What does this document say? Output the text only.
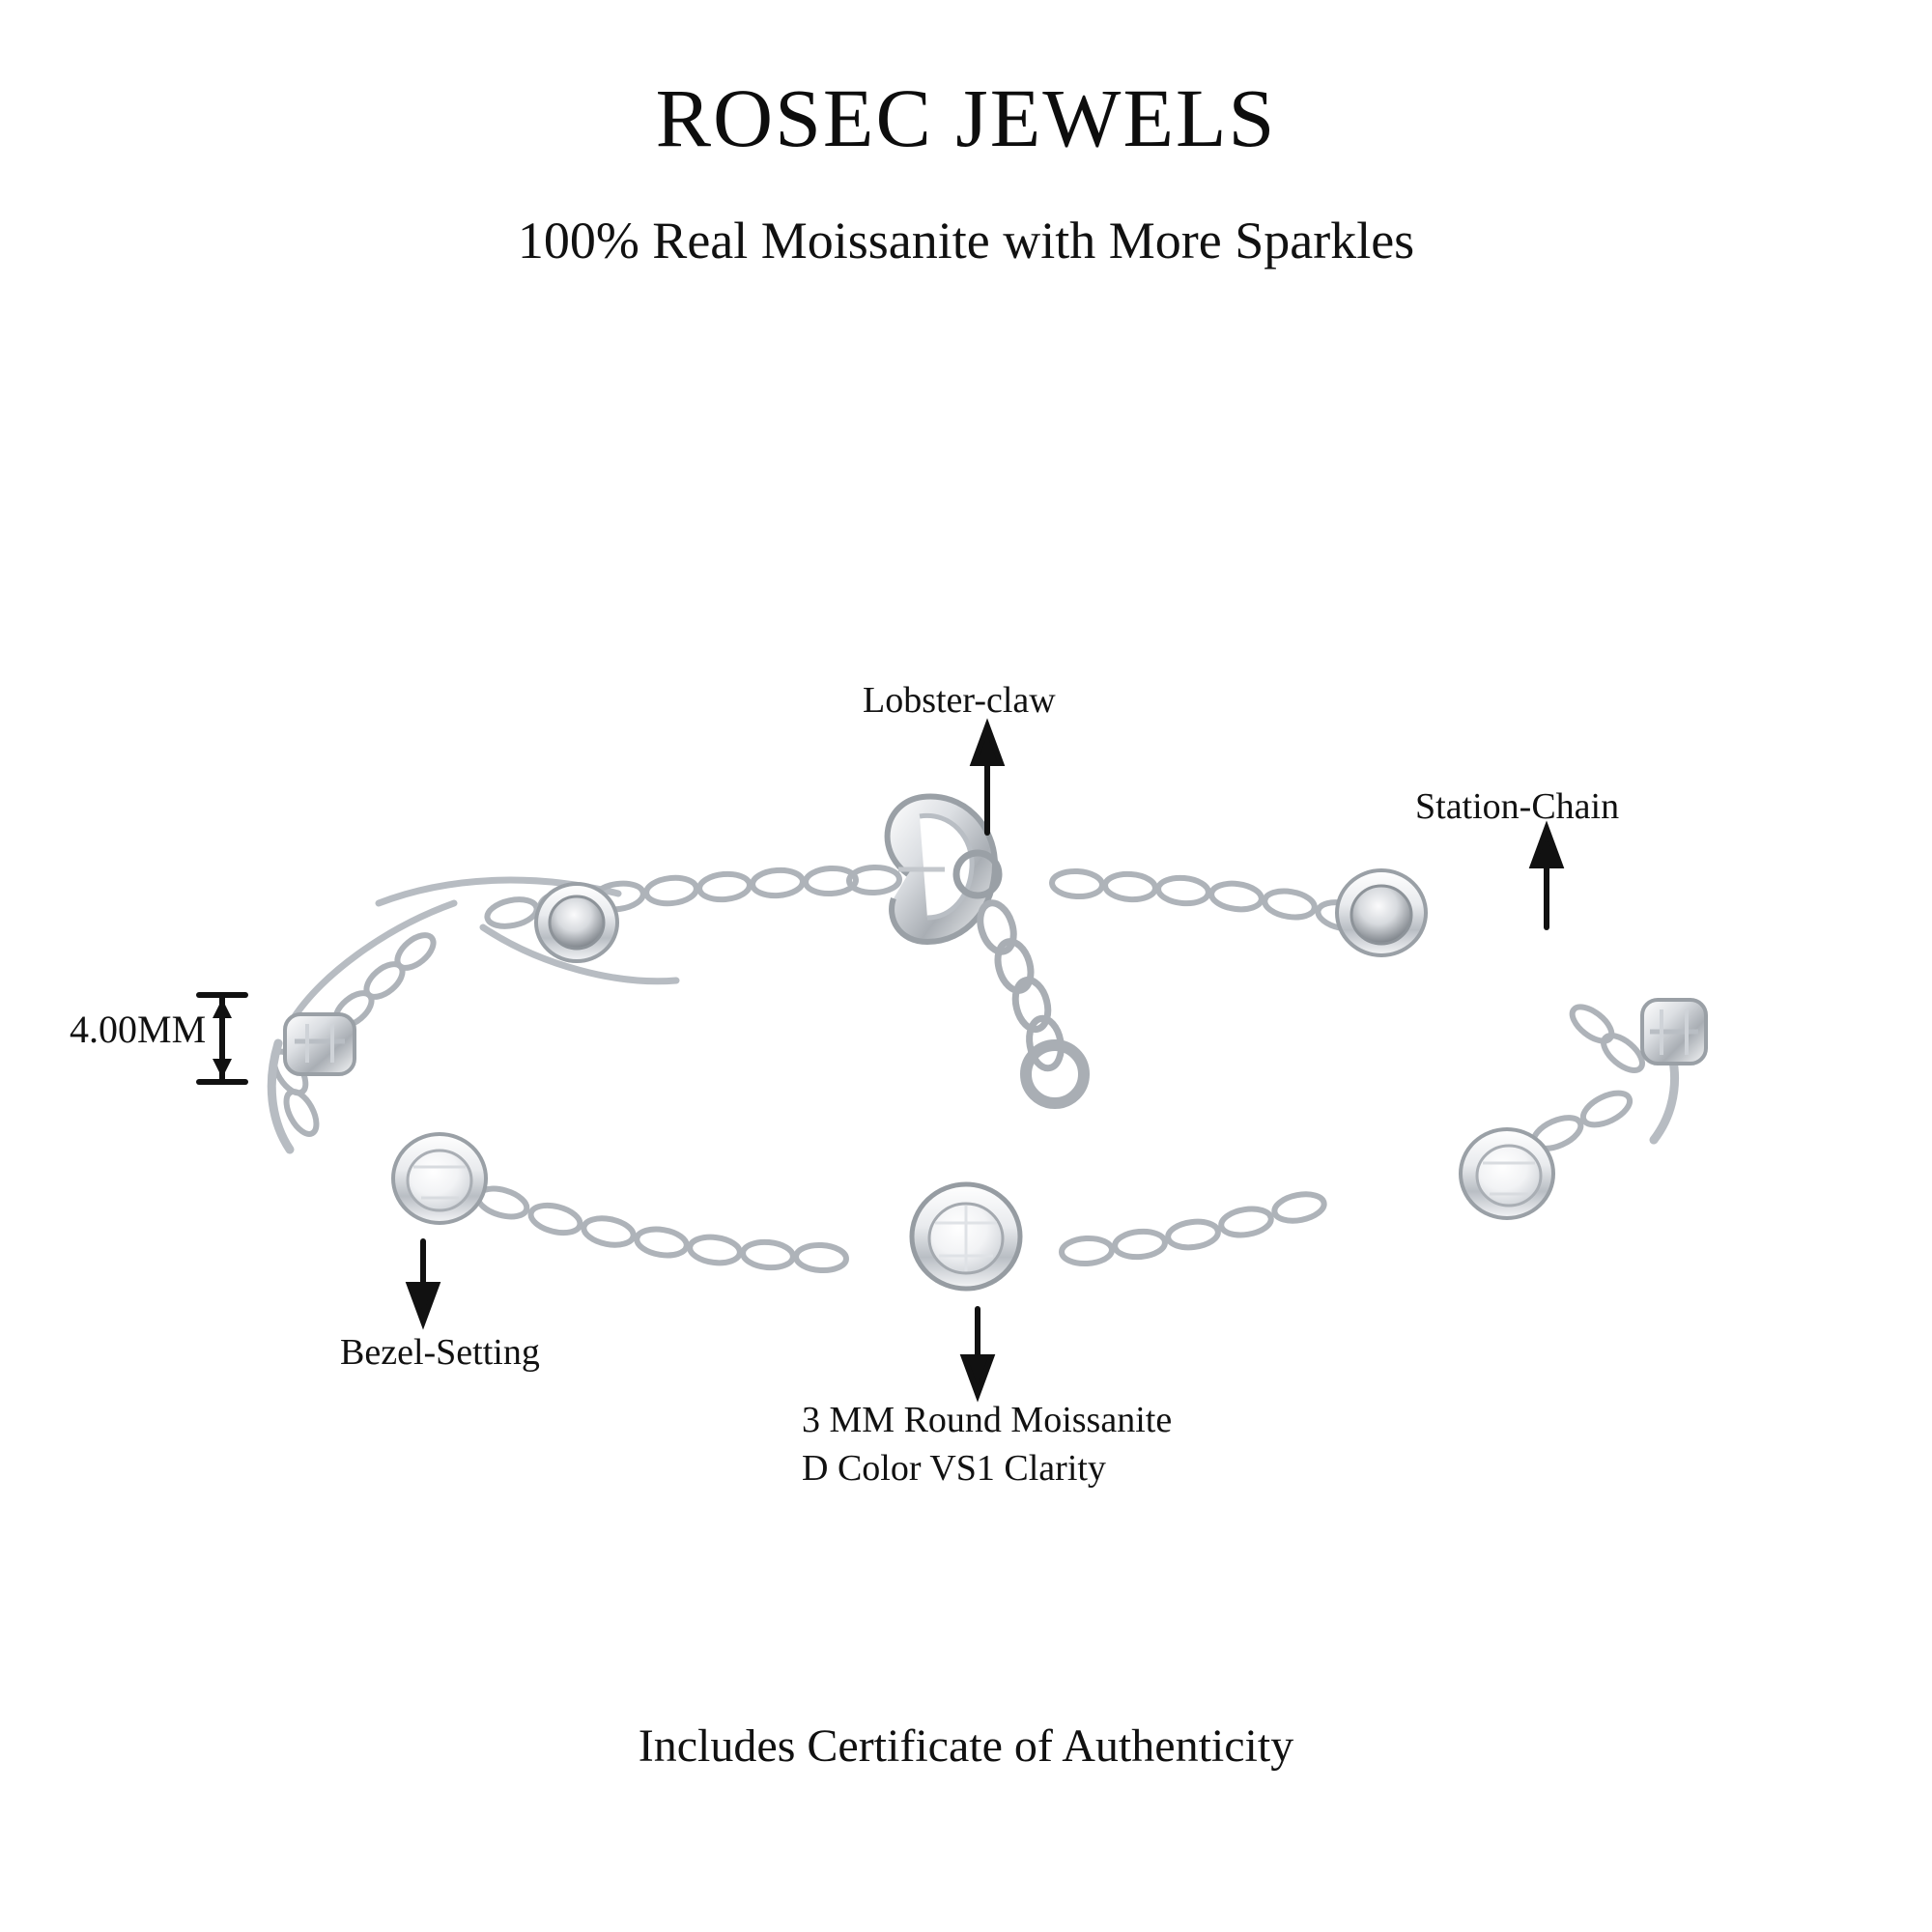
ROSEC JEWELS
100% Real Moissanite with More Sparkles
Lobster-claw
Station-Chain
Bezel-Setting
4.00MM
3 MM Round Moissanite
D Color VS1 Clarity
Includes Certificate of Authenticity
